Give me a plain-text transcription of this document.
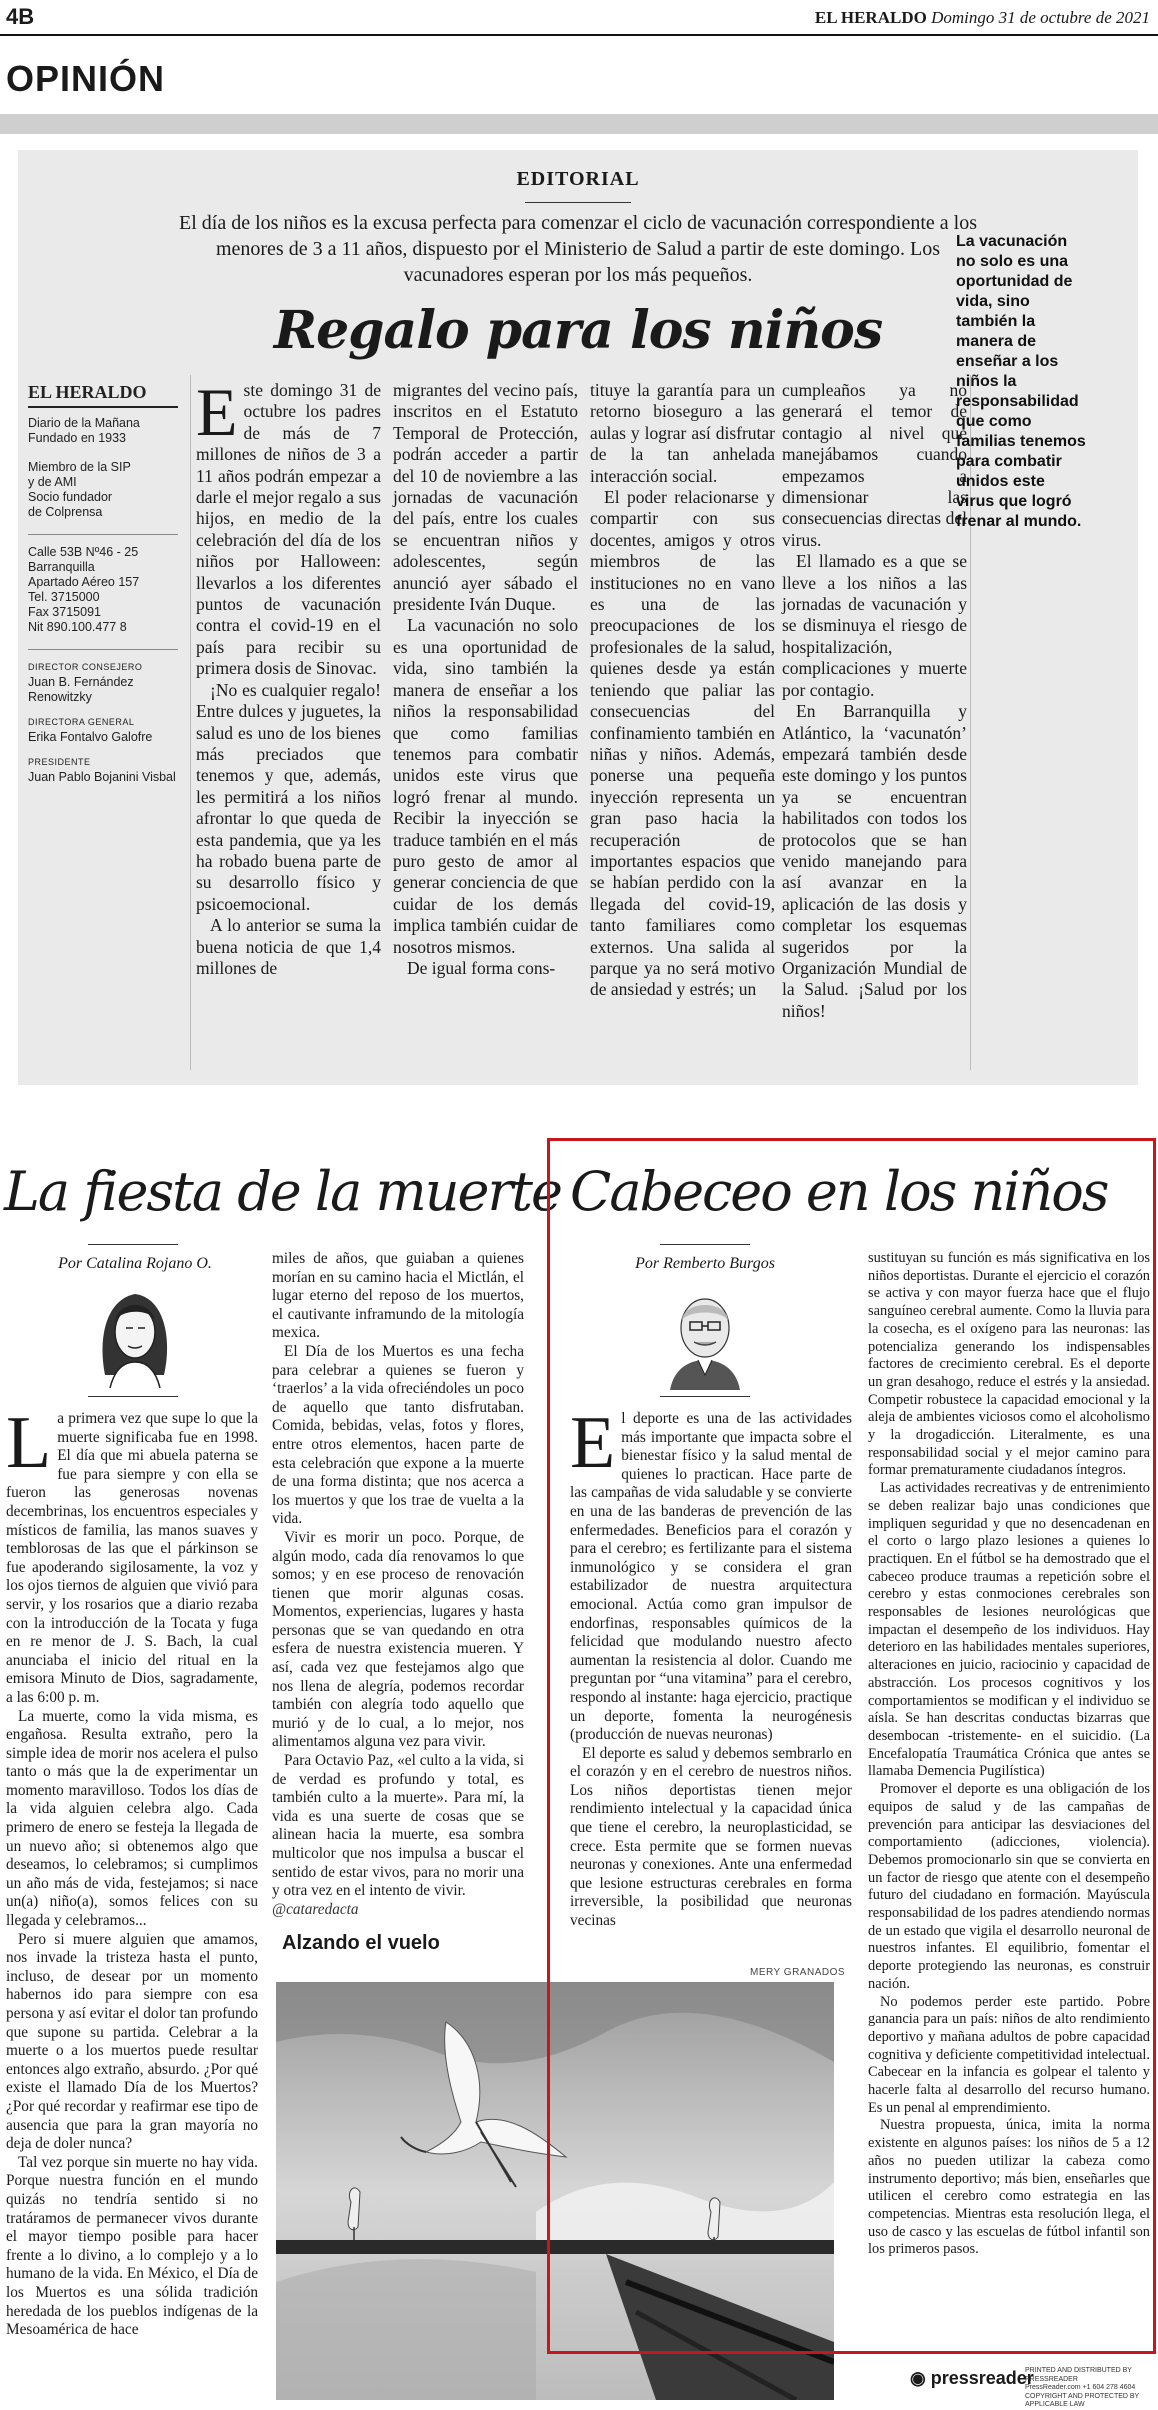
4B	EL HERALDO Domingo 31 de octubre de 2021
OPINIÓN
EDITORIAL
El día de los niños es la excusa perfecta para comenzar el ciclo de vacunación correspondiente a los menores de 3 a 11 años, dispuesto por el Ministerio de Salud a partir de este domingo. Los vacunadores esperan por los más pequeños.
Regalo para los niños
EL HERALDO
Diario de la Mañana
Fundado en 1933
Miembro de la SIP
y de AMI
Socio fundador
de Colprensa
Calle 53B Nº46 - 25
Barranquilla
Apartado Aéreo 157
Tel. 3715000
Fax 3715091
Nit 890.100.477 8
DIRECTOR CONSEJERO
Juan B. Fernández Renowitzky
DIRECTORA GENERAL
Erika Fontalvo Galofre
PRESIDENTE
Juan Pablo Bojanini Visbal

Este domingo 31 de octubre los padres de más de 7 millones de niños de 3 a 11 años podrán empezar a darle el mejor regalo a sus hijos, en medio de la celebración del día de los niños por Halloween: llevarlos a los diferentes puntos de vacunación contra el covid-19 en el país para recibir su primera dosis de Sinovac.

¡No es cualquier regalo! Entre dulces y juguetes, la salud es uno de los bienes más preciados que tenemos y que, además, les permitirá a los niños afrontar lo que queda de esta pandemia, que ya les ha robado buena parte de su desarrollo físico y psicoemocional.

A lo anterior se suma la buena noticia de que 1,4 millones de

migrantes del vecino país, inscritos en el Estatuto Temporal de Protección, podrán acceder a partir del 10 de noviembre a las jornadas de vacunación del país, entre los cuales se encuentran niños y adolescentes, según anunció ayer sábado el presidente Iván Duque.

La vacunación no solo es una oportunidad de vida, sino también la manera de enseñar a los niños la responsabilidad que como familias tenemos para combatir unidos este virus que logró frenar al mundo. Recibir la inyección se traduce también en el más puro gesto de amor al generar conciencia de que cuidar de los demás implica también cuidar de nosotros mismos.

De igual forma cons-

tituye la garantía para un retorno bioseguro a las aulas y lograr así disfrutar de la tan anhelada interacción social.

El poder relacionarse y compartir con sus docentes, amigos y otros miembros de las instituciones no en vano es una de las preocupaciones de los profesionales de la salud, quienes desde ya están teniendo que paliar las consecuencias del confinamiento también en niñas y niños. Además, ponerse una pequeña inyección representa un gran paso hacia la recuperación de importantes espacios que se habían perdido con la llegada del covid-19, tanto familiares como externos. Una salida al parque ya no será motivo de ansiedad y estrés; un

cumpleaños ya no generará el temor de contagio al nivel que manejábamos cuando empezamos a dimensionar las consecuencias directas del virus.

El llamado es a que se lleve a los niños a las jornadas de vacunación y se disminuya el riesgo de hospitalización, complicaciones y muerte por contagio.

En Barranquilla y Atlántico, la ‘vacunatón’ empezará también desde este domingo y los puntos ya se encuentran habilitados con todos los protocolos que se han venido manejando para así avanzar en la aplicación de las dosis y completar los esquemas sugeridos por la Organización Mundial de la Salud. ¡Salud por los niños!

La vacunación no solo es una oportunidad de vida, sino también la manera de enseñar a los niños la responsabilidad que como familias tenemos para combatir unidos este virus que logró frenar al mundo.
La fiesta de la muerte
Por Catalina Rojano O.

La primera vez que supe lo que la muerte significaba fue en 1998. El día que mi abuela paterna se fue para siempre y con ella se fueron las generosas novenas decembrinas, los encuentros especiales y místicos de familia, las manos suaves y temblorosas de las que el párkinson se fue apoderando sigilosamente, la voz y los ojos tiernos de alguien que vivió para servir, y los rosarios que a diario rezaba con la introducción de la Tocata y fuga en re menor de J. S. Bach, la cual anunciaba el inicio del ritual en la emisora Minuto de Dios, sagradamente, a las 6:00 p. m.

La muerte, como la vida misma, es engañosa. Resulta extraño, pero la simple idea de morir nos acelera el pulso tanto o más que la de experimentar un momento maravilloso. Todos los días de la vida alguien celebra algo. Cada primero de enero se festeja la llegada de un nuevo año; si obtenemos algo que deseamos, lo celebramos; si cumplimos un año más de vida, festejamos; si nace un(a) niño(a), somos felices con su llegada y celebramos...

Pero si muere alguien que amamos, nos invade la tristeza hasta el punto, incluso, de desear por un momento habernos ido para siempre con esa persona y así evitar el dolor tan profundo que supone su partida. Celebrar a la muerte o a los muertos puede resultar entonces algo extraño, absurdo. ¿Por qué existe el llamado Día de los Muertos? ¿Por qué recordar y reafirmar ese tipo de ausencia que para la gran mayoría no deja de doler nunca?

Tal vez porque sin muerte no hay vida. Porque nuestra función en el mundo quizás no tendría sentido si no tratáramos de permanecer vivos durante el mayor tiempo posible para hacer frente a lo divino, a lo complejo y a lo humano de la vida. En México, el Día de los Muertos es una sólida tradición heredada de los pueblos indígenas de la Mesoamérica de hace

miles de años, que guiaban a quienes morían en su camino hacia el Mictlán, el lugar eterno del reposo de los muertos, el cautivante inframundo de la mitología mexica.

El Día de los Muertos es una fecha para celebrar a quienes se fueron y ‘traerlos’ a la vida ofreciéndoles un poco de aquello que tanto disfrutaban. Comida, bebidas, velas, fotos y flores, entre otros elementos, hacen parte de esta celebración que expone a la muerte de una forma distinta; que nos acerca a los muertos y que los trae de vuelta a la vida.

Vivir es morir un poco. Porque, de algún modo, cada día renovamos lo que somos; y en ese proceso de renovación tienen que morir algunas cosas. Momentos, experiencias, lugares y hasta personas que se van quedando en otra esfera de nuestra existencia mueren. Y así, cada vez que festejamos algo que nos llena de alegría, podemos recordar también con alegría todo aquello que murió y de lo cual, a lo mejor, nos alimentamos alguna vez para vivir.

Para Octavio Paz, «el culto a la vida, si de verdad es profundo y total, es también culto a la muerte». Para mí, la vida es una suerte de cosas que se alinean hacia la muerte, esa sombra multicolor que nos impulsa a buscar el sentido de estar vivos, para no morir una y otra vez en el intento de vivir.

@cataredacta

Alzando el vuelo
MERY GRANADOS
Cabeceo en los niños
Por Remberto Burgos

El deporte es una de las actividades más importante que impacta sobre el bienestar físico y la salud mental de quienes lo practican. Hace parte de las campañas de vida saludable y se convierte en una de las banderas de prevención de las enfermedades. Beneficios para el corazón y para el cerebro; es fertilizante para el sistema inmunológico y se considera el gran estabilizador de nuestra arquitectura emocional. Actúa como gran impulsor de endorfinas, responsables químicos de la felicidad que modulando nuestro afecto aumentan la resistencia al dolor. Cuando me preguntan por “una vitamina” para el cerebro, respondo al instante: haga ejercicio, practique un deporte, fomenta la neurogénesis (producción de nuevas neuronas)

El deporte es salud y debemos sembrarlo en el corazón y en el cerebro de nuestros niños. Los niños deportistas tienen mejor rendimiento intelectual y la capacidad única que tiene el cerebro, la neuroplasticidad, se crece. Esta permite que se formen nuevas neuronas y conexiones. Ante una enfermedad que lesione estructuras cerebrales en forma irreversible, la posibilidad que neuronas vecinas

sustituyan su función es más significativa en los niños deportistas. Durante el ejercicio el corazón se activa y con mayor fuerza hace que el flujo sanguíneo cerebral aumente. Como la lluvia para la cosecha, es el oxígeno para las neuronas: las potencializa generando los indispensables factores de crecimiento cerebral. Es el deporte un gran desahogo, reduce el estrés y la ansiedad. Competir robustece la capacidad emocional y la aleja de ambientes viciosos como el alcoholismo y la drogadicción. Literalmente, es una responsabilidad social y el mejor camino para formar prematuramente ciudadanos íntegros.

Las actividades recreativas y de entrenimiento se deben realizar bajo unas condiciones que impliquen seguridad y que no desencadenan en el corto o largo plazo lesiones a quienes lo practiquen. En el fútbol se ha demostrado que el cabeceo produce traumas a repetición sobre el cerebro y estas conmociones cerebrales son responsables de lesiones neurológicas que impactan el desempeño de los individuos. Hay deterioro en las habilidades mentales superiores, alteraciones en juicio, raciocinio y capacidad de abstracción. Los procesos cognitivos y los comportamientos se modifican y el individuo se aísla. Se han descritas conductas bizarras que desembocan -tristemente- en el suicidio. (La Encefalopatía Traumática Crónica que antes se llamaba Demencia Pugilística)

Promover el deporte es una obligación de los equipos de salud y de las campañas de prevención para anticipar las desviaciones del comportamiento (adicciones, violencia). Debemos promocionarlo sin que se convierta en un factor de riesgo que atente con el desempeño futuro del ciudadano en formación. Mayúscula responsabilidad de los padres atendiendo normas de un estado que vigila el desarrollo neuronal de nuestros infantes. El equilibrio, fomentar el deporte protegiendo las neuronas, es construir nación.

No podemos perder este partido. Pobre ganancia para un país: niños de alto rendimiento deportivo y mañana adultos de pobre capacidad cognitiva y deficiente competitividad intelectual. Cabecear en la infancia es golpear el talento y hacerle falta al desarrollo del recurso humano. Es un penal al emprendimiento.

Nuestra propuesta, única, imita la norma existente en algunos países: los niños de 5 a 12 años no pueden utilizar la cabeza como instrumento deportivo; más bien, enseñarles que utilicen el cerebro como estrategia en las competencias. Mientras esta resolución llega, el uso de casco y las escuelas de fútbol infantil son los primeros pasos.

◉ pressreader
PRINTED AND DISTRIBUTED BY PRESSREADER
PressReader.com +1 604 278 4604
COPYRIGHT AND PROTECTED BY APPLICABLE LAW
